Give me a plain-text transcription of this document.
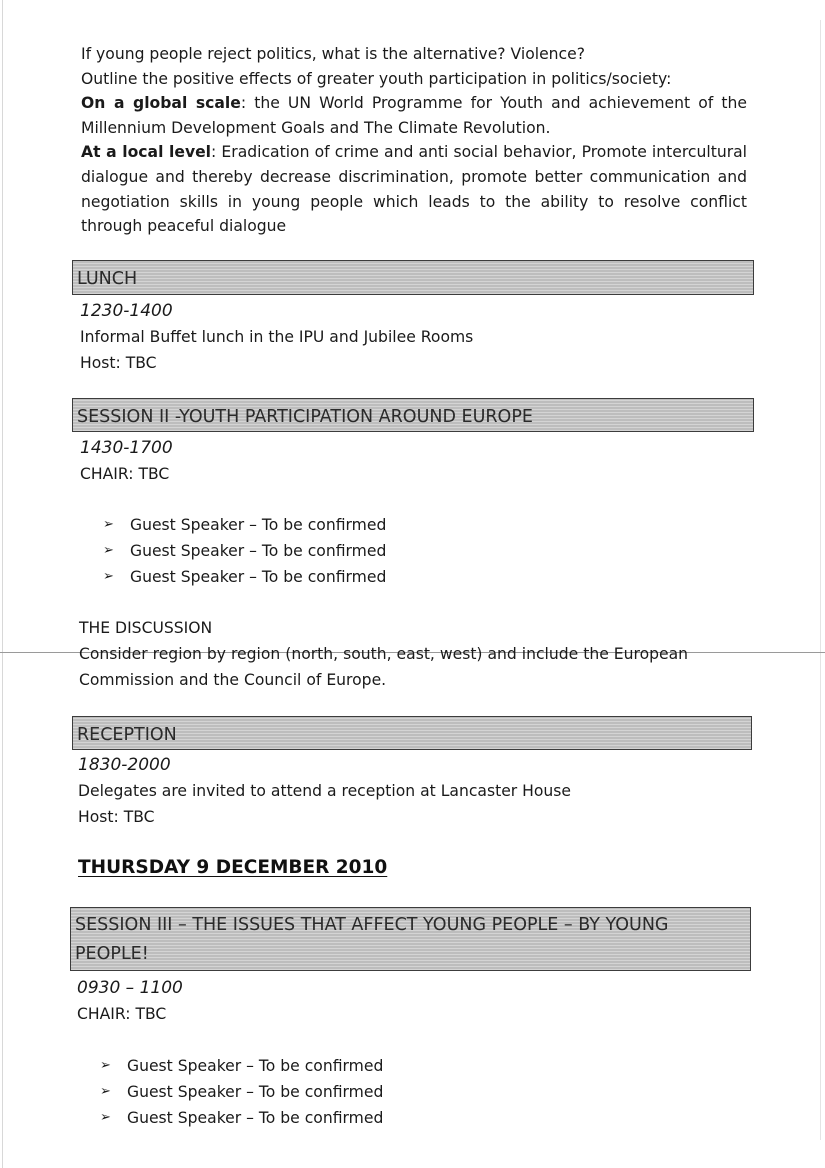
If young people reject politics, what is the alternative? Violence?

Outline the positive effects of greater youth participation in politics/society:

On a global scale: the UN World Programme for Youth and achievement of the Millennium Development Goals and The Climate Revolution.

At a local level: Eradication of crime and anti social behavior, Promote intercultural dialogue and thereby decrease discrimination, promote better communication and negotiation skills in young people which leads to the ability to resolve conflict through peaceful dialogue

LUNCH

1230-1400

Informal Buffet lunch in the IPU and Jubilee Rooms

Host: TBC

SESSION II -YOUTH PARTICIPATION AROUND EUROPE

1430-1700

CHAIR: TBC

➢ Guest Speaker – To be confirmed
➢ Guest Speaker – To be confirmed
➢ Guest Speaker – To be confirmed

THE DISCUSSION

Consider region by region (north, south, east, west) and include the European

Commission and the Council of Europe.

RECEPTION

1830-2000

Delegates are invited to attend a reception at Lancaster House

Host: TBC

THURSDAY 9 DECEMBER 2010
SESSION III – THE ISSUES THAT AFFECT YOUNG PEOPLE – BY YOUNG
PEOPLE!

0930 – 1100

CHAIR: TBC

➢ Guest Speaker – To be confirmed
➢ Guest Speaker – To be confirmed
➢ Guest Speaker – To be confirmed
